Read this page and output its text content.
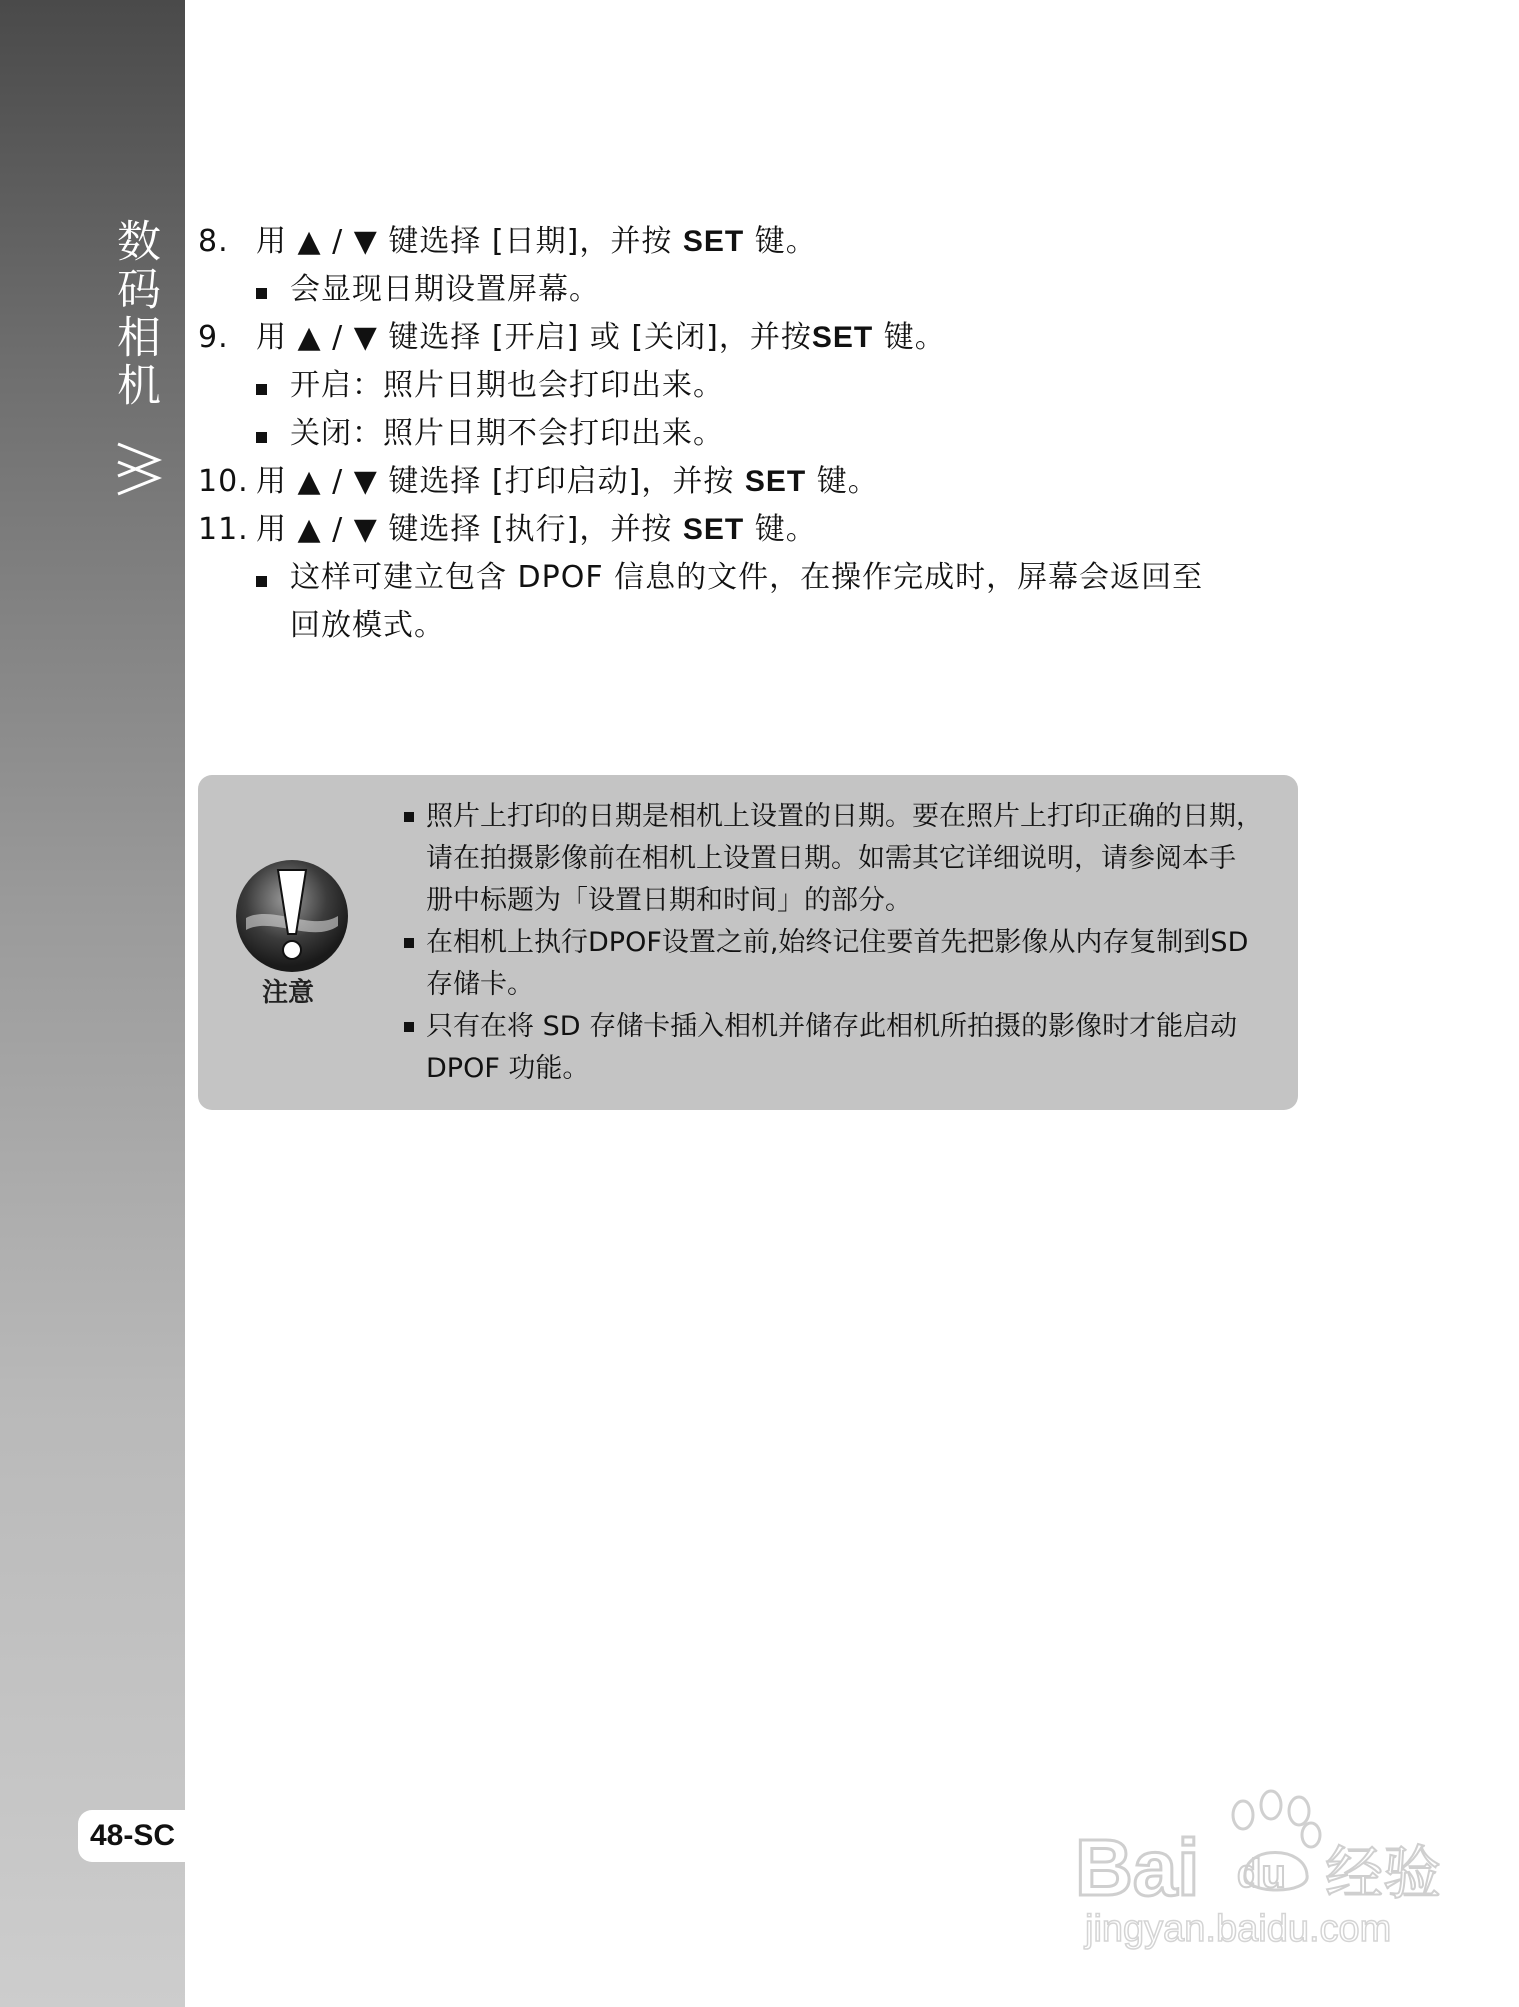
数码相机
48-SC
8. 用 ▲ / ▼ 键选择 [日期]，并按 SET 键。
会显现日期设置屏幕。
9. 用 ▲ / ▼ 键选择 [开启] 或 [关闭]，并按SET 键。
开启：照片日期也会打印出来。
关闭：照片日期不会打印出来。
10. 用 ▲ / ▼ 键选择 [打印启动]，并按 SET 键。
11. 用 ▲ / ▼ 键选择 [执行]，并按 SET 键。
这样可建立包含 DPOF 信息的文件，在操作完成时，屏幕会返回至
回放模式。
注意
照片上打印的日期是相机上设置的日期。要在照片上打印正确的日期，
请在拍摄影像前在相机上设置日期。如需其它详细说明，请参阅本手
册中标题为「设置日期和时间」的部分。
在相机上执行DPOF设置之前,始终记住要首先把影像从内存复制到SD
存储卡。
只有在将 SD 存储卡插入相机并储存此相机所拍摄的影像时才能启动
DPOF 功能。
Bai du 经验
jingyan.baidu.com
